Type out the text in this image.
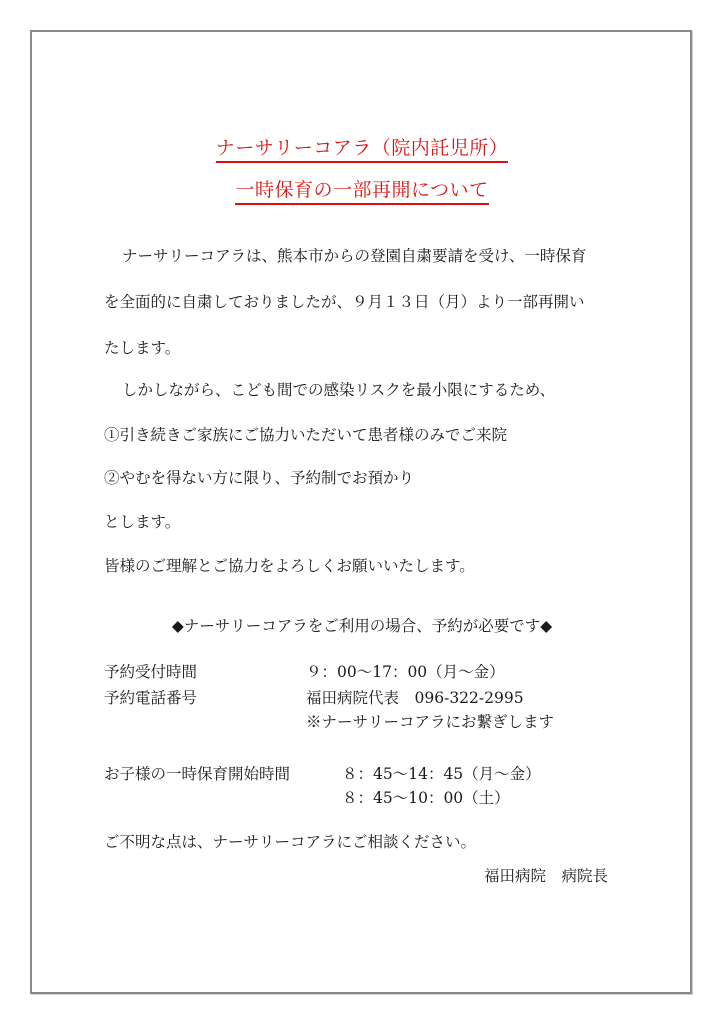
ナーサリーコアラ（院内託児所）
一時保育の一部再開について
ナーサリーコアラは、熊本市からの登園自粛要請を受け、一時保育
を全面的に自粛しておりましたが、９月１３日（月）より一部再開い
たします。
しかしながら、こども間での感染リスクを最小限にするため、
①引き続きご家族にご協力いただいて患者様のみでご来院
②やむを得ない方に限り、予約制でお預かり
とします。
皆様のご理解とご協力をよろしくお願いいたします。
◆ナーサリーコアラをご利用の場合、予約が必要です◆
予約受付時間	９：00～17：00（月～金）
予約電話番号	福田病院代表　096-322-2995
※ナーサリーコアラにお繋ぎします
お子様の一時保育開始時間	８：45～14：45（月～金）
８：45～10：00（土）
ご不明な点は、ナーサリーコアラにご相談ください。
福田病院　病院長
